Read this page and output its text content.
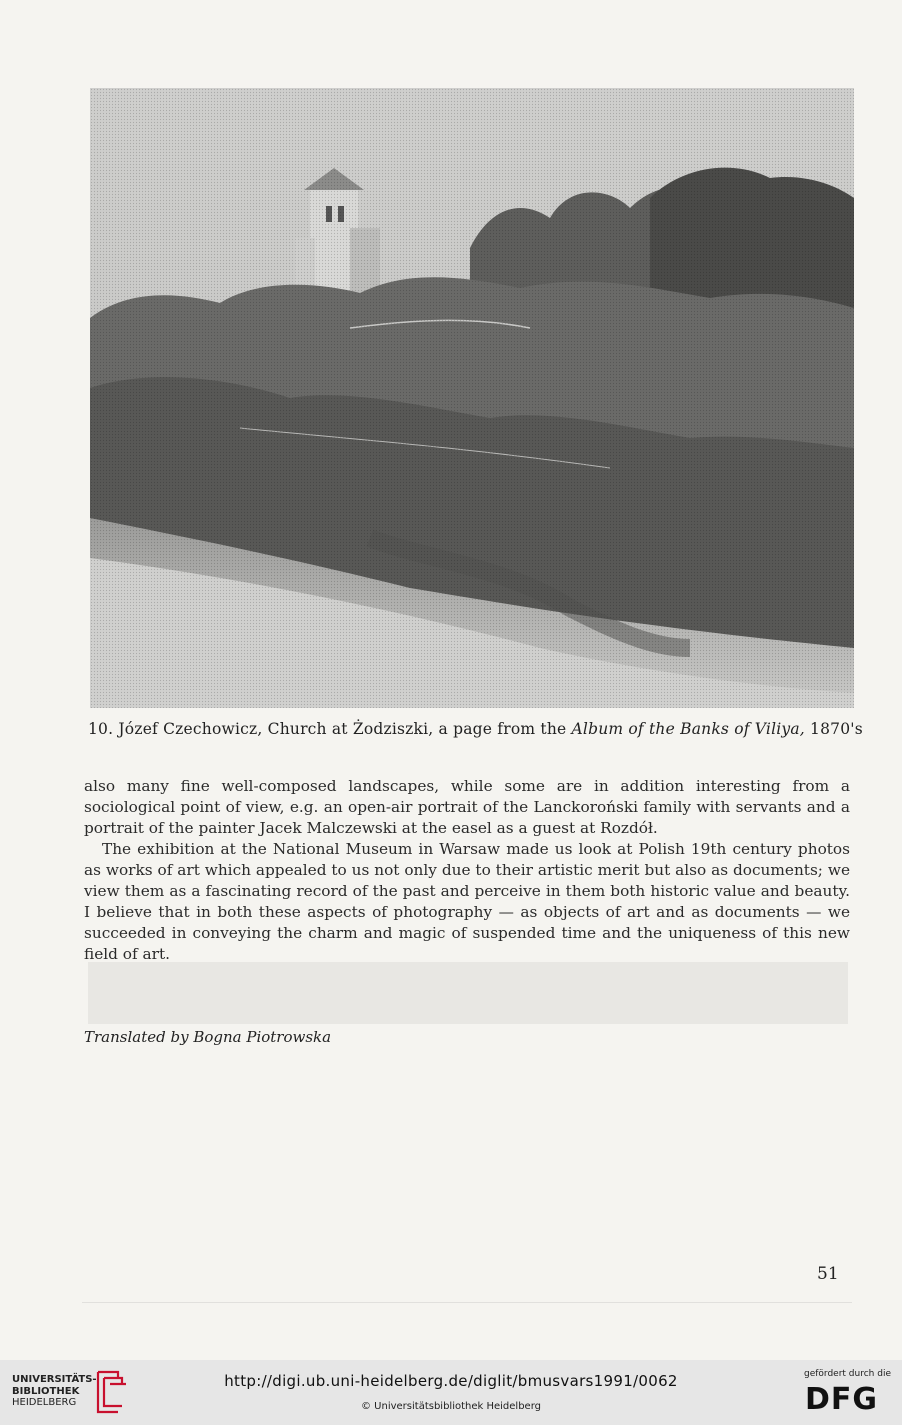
10. Józef Czechowicz, Church at Żodziszki, a page from the Album of the Banks of Viliya, 1870's

also many fine well-composed landscapes, while some are in addition interesting from a sociological point of view, e.g. an open-air portrait of the Lanckoroński family with servants and a portrait of the painter Jacek Malczewski at the easel as a guest at Rozdół.

The exhibition at the National Museum in Warsaw made us look at Polish 19th century photos as works of art which appealed to us not only due to their artistic merit but also as documents; we view them as a fascinating record of the past and perceive in them both historic value and beauty. I believe that in both these aspects of photography — as objects of art and as documents — we succeeded in conveying the charm and magic of suspended time and the uniqueness of this new field of art.

Translated by Bogna Piotrowska
51
UNIVERSITÄTS-
BIBLIOTHEK
HEIDELBERG
http://digi.ub.uni-heidelberg.de/diglit/bmusvars1991/0062
© Universitätsbibliothek Heidelberg
gefördert durch die
DFG
